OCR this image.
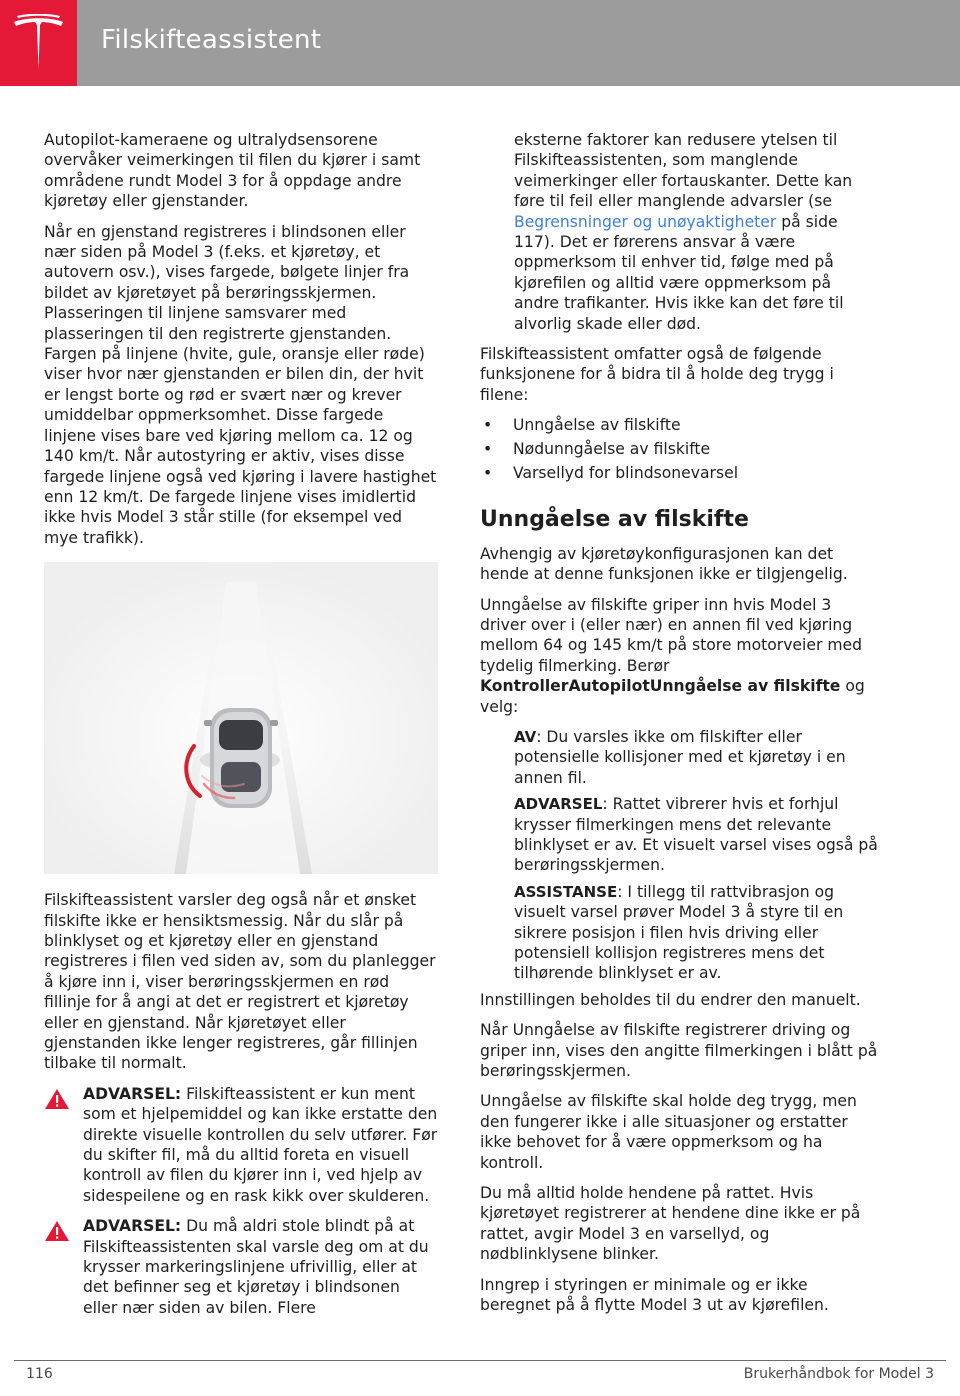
Filskifteassistent

Autopilot-kameraene og ultralydsensorene overvåker veimerkingen til filen du kjører i samt områdene rundt Model 3 for å oppdage andre kjøretøy eller gjenstander.

Når en gjenstand registreres i blindsonen eller nær siden på Model 3 (f.eks. et kjøretøy, et autovern osv.), vises fargede, bølgete linjer fra bildet av kjøretøyet på berøringsskjermen. Plasseringen til linjene samsvarer med plasseringen til den registrerte gjenstanden. Fargen på linjene (hvite, gule, oransje eller røde) viser hvor nær gjenstanden er bilen din, der hvit er lengst borte og rød er svært nær og krever umiddelbar oppmerksomhet. Disse fargede linjene vises bare ved kjøring mellom ca. 12 og 140 km/t. Når autostyring er aktiv, vises disse fargede linjene også ved kjøring i lavere hastighet enn 12 km/t. De fargede linjene vises imidlertid ikke hvis Model 3 står stille (for eksempel ved mye trafikk).

Filskifteassistent varsler deg også når et ønsket filskifte ikke er hensiktsmessig. Når du slår på blinklyset og et kjøretøy eller en gjenstand registreres i filen ved siden av, som du planlegger å kjøre inn i, viser berøringsskjermen en rød fillinje for å angi at det er registrert et kjøretøy eller en gjenstand. Når kjøretøyet eller gjenstanden ikke lenger registreres, går fillinjen tilbake til normalt.

ADVARSEL: Filskifteassistent er kun ment som et hjelpemiddel og kan ikke erstatte den direkte visuelle kontrollen du selv utfører. Før du skifter fil, må du alltid foreta en visuell kontroll av filen du kjører inn i, ved hjelp av sidespeilene og en rask kikk over skulderen.
ADVARSEL: Du må aldri stole blindt på at Filskifteassistenten skal varsle deg om at du krysser markeringslinjene ufrivillig, eller at det befinner seg et kjøretøy i blindsonen eller nær siden av bilen. Flere

eksterne faktorer kan redusere ytelsen til Filskifteassistenten, som manglende veimerkinger eller fortauskanter. Dette kan føre til feil eller manglende advarsler (se Begrensninger og unøyaktigheter på side 117). Det er førerens ansvar å være oppmerksom til enhver tid, følge med på kjørefilen og alltid være oppmerksom på andre trafikanter. Hvis ikke kan det føre til alvorlig skade eller død.

Filskifteassistent omfatter også de følgende funksjonene for å bidra til å holde deg trygg i filene:

• Unngåelse av filskifte
• Nødunngåelse av filskifte
• Varsellyd for blindsonevarsel
Unngåelse av filskifte

Avhengig av kjøretøykonfigurasjonen kan det hende at denne funksjonen ikke er tilgjengelig.

Unngåelse av filskifte griper inn hvis Model 3 driver over i (eller nær) en annen fil ved kjøring mellom 64 og 145 km/t på store motorveier med tydelig filmerking. Berør KontrollerAutopilotUnngåelse av filskifte og velg:

AV: Du varsles ikke om filskifter eller potensielle kollisjoner med et kjøretøy i en annen fil.

ADVARSEL: Rattet vibrerer hvis et forhjul krysser filmerkingen mens det relevante blinklyset er av. Et visuelt varsel vises også på berøringsskjermen.

ASSISTANSE: I tillegg til rattvibrasjon og visuelt varsel prøver Model 3 å styre til en sikrere posisjon i filen hvis driving eller potensiell kollisjon registreres mens det tilhørende blinklyset er av.

Innstillingen beholdes til du endrer den manuelt.

Når Unngåelse av filskifte registrerer driving og griper inn, vises den angitte filmerkingen i blått på berøringsskjermen.

Unngåelse av filskifte skal holde deg trygg, men den fungerer ikke i alle situasjoner og erstatter ikke behovet for å være oppmerksom og ha kontroll.

Du må alltid holde hendene på rattet. Hvis kjøretøyet registrerer at hendene dine ikke er på rattet, avgir Model 3 en varsellyd, og nødblinklysene blinker.

Inngrep i styringen er minimale og er ikke beregnet på å flytte Model 3 ut av kjørefilen.

116	Brukerhåndbok for Model 3
